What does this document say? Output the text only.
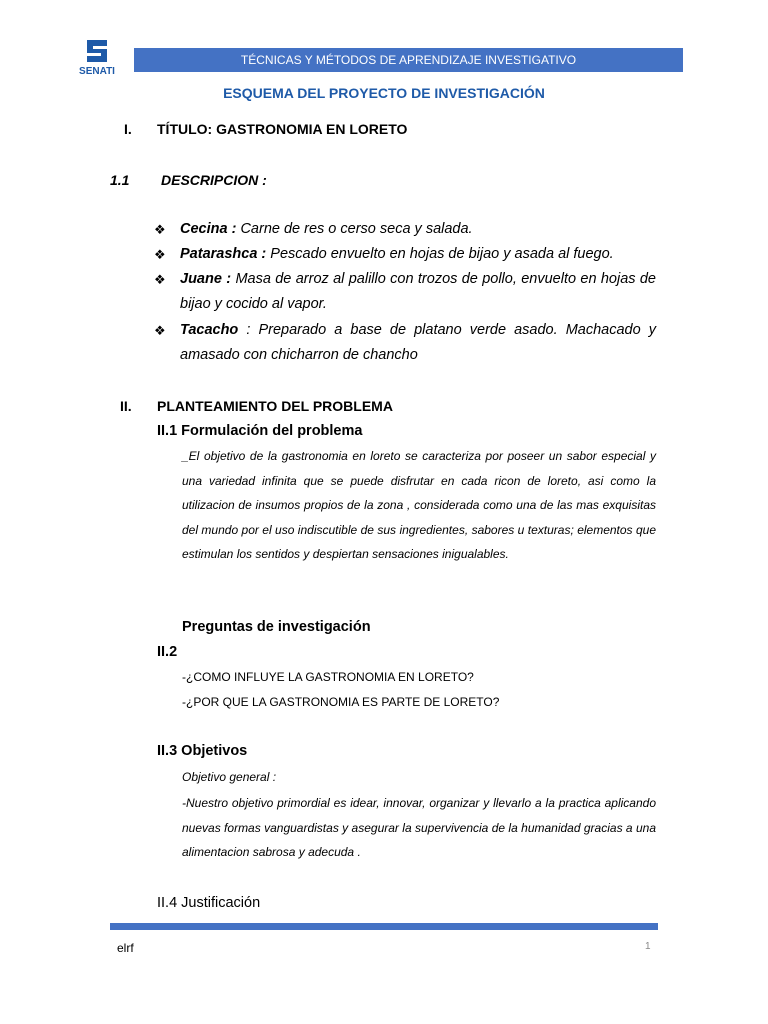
SENATI
TÉCNICAS Y MÉTODOS DE APRENDIZAJE INVESTIGATIVO
ESQUEMA DEL PROYECTO DE INVESTIGACIÓN
I. TÍTULO: GASTRONOMIA EN LORETO
1.1 DESCRIPCION :
❖ Cecina : Carne de res o cerso seca y salada.
❖ Patarashca : Pescado envuelto en hojas de bijao y asada al fuego.
❖ Juane : Masa de arroz al palillo con trozos de pollo, envuelto en hojas de bijao y cocido al vapor.
❖ Tacacho : Preparado a base de platano verde asado. Machacado y amasado con chicharron de chancho
II. PLANTEAMIENTO DEL PROBLEMA
II.1 Formulación del problema
_El objetivo de la gastronomia en loreto se caracteriza por poseer un sabor especial y una variedad infinita que se puede disfrutar en cada ricon de loreto, asi como la utilizacion de insumos propios de la zona , considerada como una de las mas exquisitas del mundo por el uso indiscutible de sus ingredientes, sabores u texturas; elementos que estimulan los sentidos y despiertan sensaciones inigualables.
Preguntas de investigación
II.2
-¿COMO INFLUYE LA GASTRONOMIA EN LORETO?
-¿POR QUE LA GASTRONOMIA ES PARTE DE LORETO?
II.3 Objetivos
Objetivo general :
-Nuestro objetivo primordial es idear, innovar, organizar y llevarlo a la practica aplicando nuevas formas vanguardistas y asegurar la supervivencia de la humanidad gracias a una alimentacion sabrosa y adecuda .
II.4 Justificación
elrf	1
